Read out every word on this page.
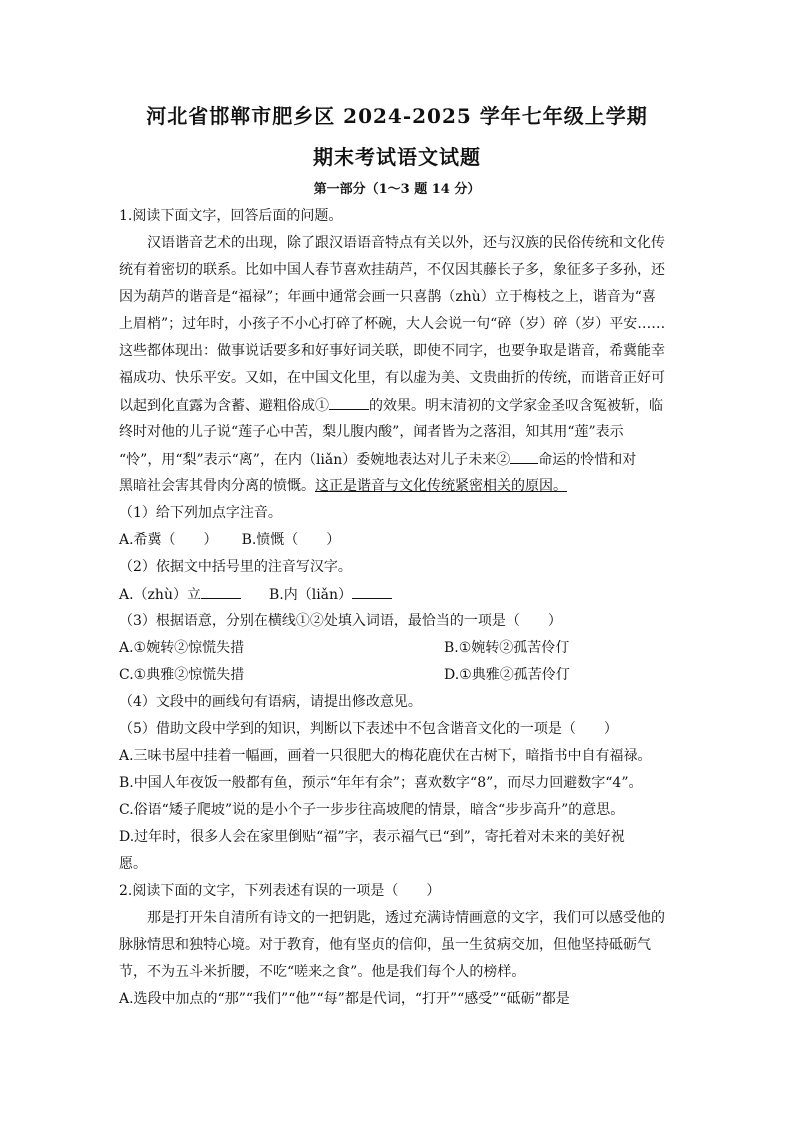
河北省邯郸市肥乡区 2024-2025 学年七年级上学期
期末考试语文试题
第一部分（1～3 题 14 分）
1.阅读下面文字，回答后面的问题。
汉语谐音艺术的出现，除了跟汉语语音特点有关以外，还与汉族的民俗传统和文化传
统有着密切的联系。比如中国人春节喜欢挂葫芦，不仅因其藤长子多，象征多子多孙，还
因为葫芦的谐音是“福禄”；年画中通常会画一只喜鹊（zhù）立于梅枝之上，谐音为“喜
上眉梢”；过年时，小孩子不小心打碎了杯碗，大人会说一句“碎（岁）碎（岁）平安……
这些都体现出：做事说话要多和好事好词关联，即使不同字，也要争取是谐音，希冀能幸
福成功、快乐平安。又如，在中国文化里，有以虚为美、文贵曲折的传统，而谐音正好可
以起到化直露为含蓄、避粗俗成①	的效果。明末清初的文学家金圣叹含冤被斩，临
终时对他的儿子说“莲子心中苦，梨儿腹内酸”，闻者皆为之落泪，知其用“莲”表示
“怜”，用“梨”表示“离”，在内（liǎn）委婉地表达对儿子未来② 命运的怜惜和对
黑暗社会害其骨肉分离的愤慨。这正是谐音与文化传统紧密相关的原因。
（1）给下列加点字注音。
A.希冀（　　） B.愤慨（　　）
（2）依据文中括号里的注音写汉字。
A.（zhù）立	B.内（liǎn）
（3）根据语意，分别在横线①②处填入词语，最恰当的一项是（　　）
A.①婉转②惊慌失措	B.①婉转②孤苦伶仃
C.①典雅②惊慌失措	D.①典雅②孤苦伶仃
（4）文段中的画线句有语病，请提出修改意见。
（5）借助文段中学到的知识，判断以下表述中不包含谐音文化的一项是（　　）
A.三味书屋中挂着一幅画，画着一只很肥大的梅花鹿伏在古树下，暗指书中自有福禄。
B.中国人年夜饭一般都有鱼，预示“年年有余”；喜欢数字“8”，而尽力回避数字“4”。
C.俗语“矮子爬坡”说的是小个子一步步往高坡爬的情景，暗含“步步高升”的意思。
D.过年时，很多人会在家里倒贴“福”字，表示福气已“到”，寄托着对未来的美好祝
愿。
2.阅读下面的文字，下列表述有误的一项是（　　）
那是打开朱自清所有诗文的一把钥匙，透过充满诗情画意的文字，我们可以感受他的
脉脉情思和独特心境。对于教育，他有坚贞的信仰，虽一生贫病交加，但他坚持砥砺气
节，不为五斗米折腰，不吃“嗟来之食”。他是我们每个人的榜样。
A.选段中加点的“那”“我们”“他”“每”都是代词，“打开”“感受”“砥砺”都是
